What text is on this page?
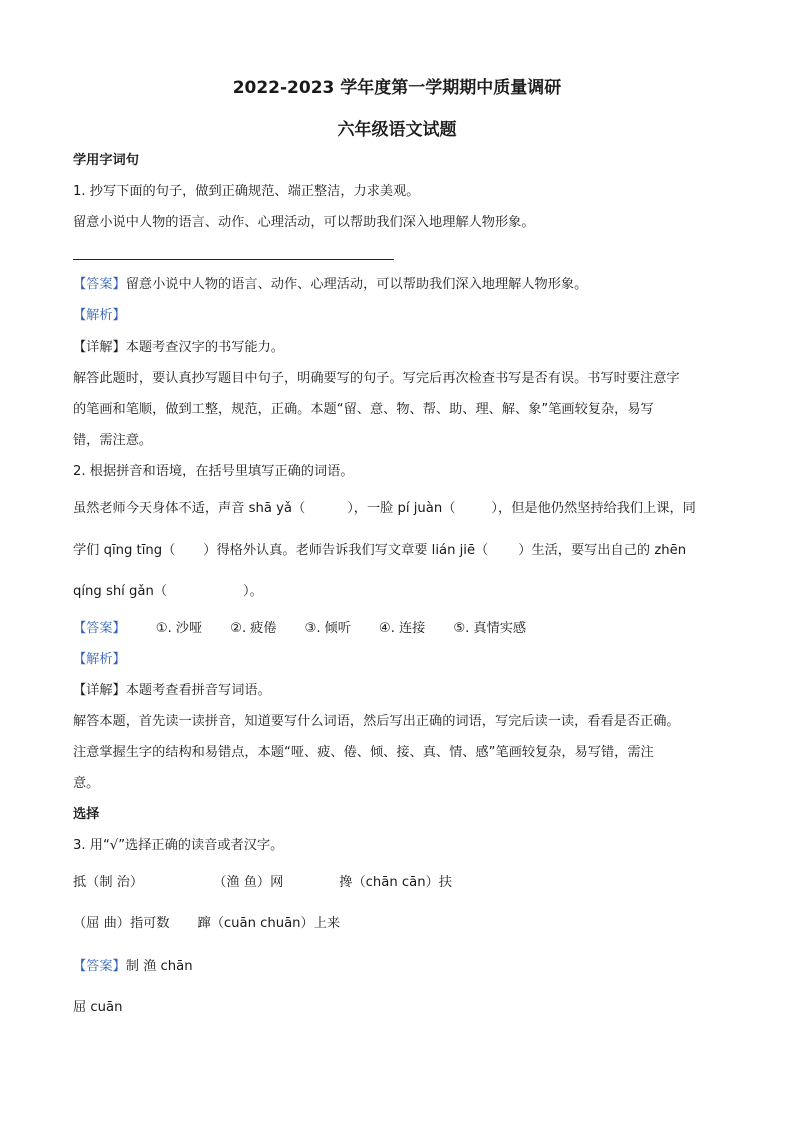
2022-2023 学年度第一学期期中质量调研
六年级语文试题
学用字词句
1. 抄写下面的句子，做到正确规范、端正整洁，力求美观。
留意小说中人物的语言、动作、心理活动，可以帮助我们深入地理解人物形象。
【答案】留意小说中人物的语言、动作、心理活动，可以帮助我们深入地理解人物形象。
【解析】
【详解】本题考查汉字的书写能力。
解答此题时，要认真抄写题目中句子，明确要写的句子。写完后再次检查书写是否有误。书写时要注意字
的笔画和笔顺，做到工整，规范，正确。本题“留、意、物、帮、助、理、解、象”笔画较复杂，易写
错，需注意。
2. 根据拼音和语境，在括号里填写正确的词语。
虽然老师今天身体不适，声音 shā yǎ（	），一脸 pí juàn（	），但是他仍然坚持给我们上课，同
学们 qīng tīng（ ）得格外认真。老师告诉我们写文章要 lián jiē（ ）生活，要写出自己的 zhēn
qíng shí gǎn（	）。
【答案】 ①. 沙哑 ②. 疲倦 ③. 倾听 ④. 连接 ⑤. 真情实感
【解析】
【详解】本题考查看拼音写词语。
解答本题，首先读一读拼音，知道要写什么词语，然后写出正确的词语，写完后读一读，看看是否正确。
注意掌握生字的结构和易错点，本题“哑、疲、倦、倾、接、真、情、感”笔画较复杂，易写错，需注
意。
选择
3. 用“√”选择正确的读音或者汉字。
抵（制 治）	（渔 鱼）网	搀（chān cān）扶
（屈 曲）指可数 蹿（cuān chuān）上来
【答案】制 渔 chān
屈 cuān
